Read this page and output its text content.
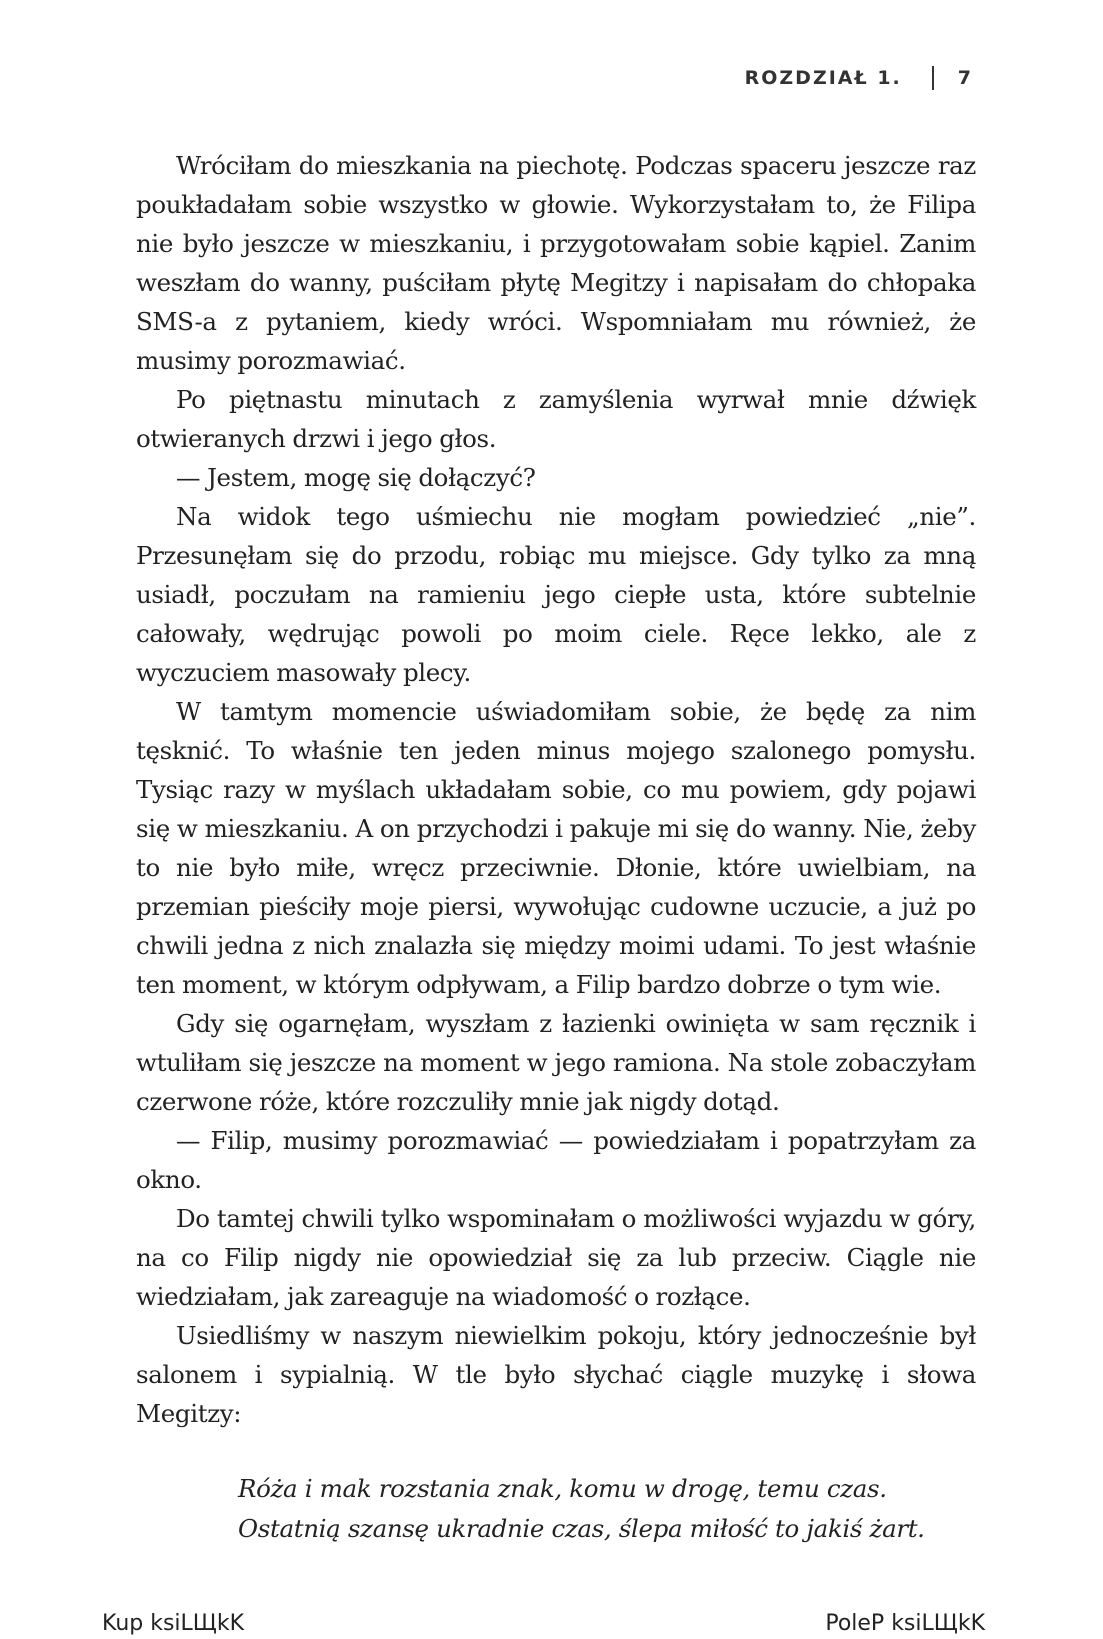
ROZDZIAŁ 1.	7

Wróciłam do mieszkania na piechotę. Podczas spaceru jeszcze raz poukładałam sobie wszystko w głowie. Wykorzystałam to, że Filipa nie było jeszcze w mieszkaniu, i przygotowałam sobie kąpiel. Zanim weszłam do wanny, puściłam płytę Megitzy i napisałam do chłopaka SMS-a z pytaniem, kiedy wróci. Wspomniałam mu również, że musimy porozmawiać.

Po piętnastu minutach z zamyślenia wyrwał mnie dźwięk otwieranych drzwi i jego głos.

— Jestem, mogę się dołączyć?

Na widok tego uśmiechu nie mogłam powiedzieć „nie”. Przesunęłam się do przodu, robiąc mu miejsce. Gdy tylko za mną usiadł, poczułam na ramieniu jego ciepłe usta, które subtelnie całowały, wędrując powoli po moim ciele. Ręce lekko, ale z wyczuciem masowały plecy.

W tamtym momencie uświadomiłam sobie, że będę za nim tęsknić. To właśnie ten jeden minus mojego szalonego pomysłu. Tysiąc razy w myślach układałam sobie, co mu powiem, gdy pojawi się w mieszkaniu. A on przychodzi i pakuje mi się do wanny. Nie, żeby to nie było miłe, wręcz przeciwnie. Dłonie, które uwielbiam, na przemian pieściły moje piersi, wywołując cudowne uczucie, a już po chwili jedna z nich znalazła się między moimi udami. To jest właśnie ten moment, w którym odpływam, a Filip bardzo dobrze o tym wie.

Gdy się ogarnęłam, wyszłam z łazienki owinięta w sam ręcznik i wtuliłam się jeszcze na moment w jego ramiona. Na stole zobaczyłam czerwone róże, które rozczuliły mnie jak nigdy dotąd.

— Filip, musimy porozmawiać — powiedziałam i popatrzyłam za okno.

Do tamtej chwili tylko wspominałam o możliwości wyjazdu w góry, na co Filip nigdy nie opowiedział się za lub przeciw. Ciągle nie wiedziałam, jak zareaguje na wiadomość o rozłące.

Usiedliśmy w naszym niewielkim pokoju, który jednocześnie był salonem i sypialnią. W tle było słychać ciągle muzykę i słowa Megitzy:

Róża i mak rozstania znak, komu w drogę, temu czas.
Ostatnią szansę ukradnie czas, ślepa miłość to jakiś żart.
Kup ksiLЩkK	PoleP ksiLЩkK
